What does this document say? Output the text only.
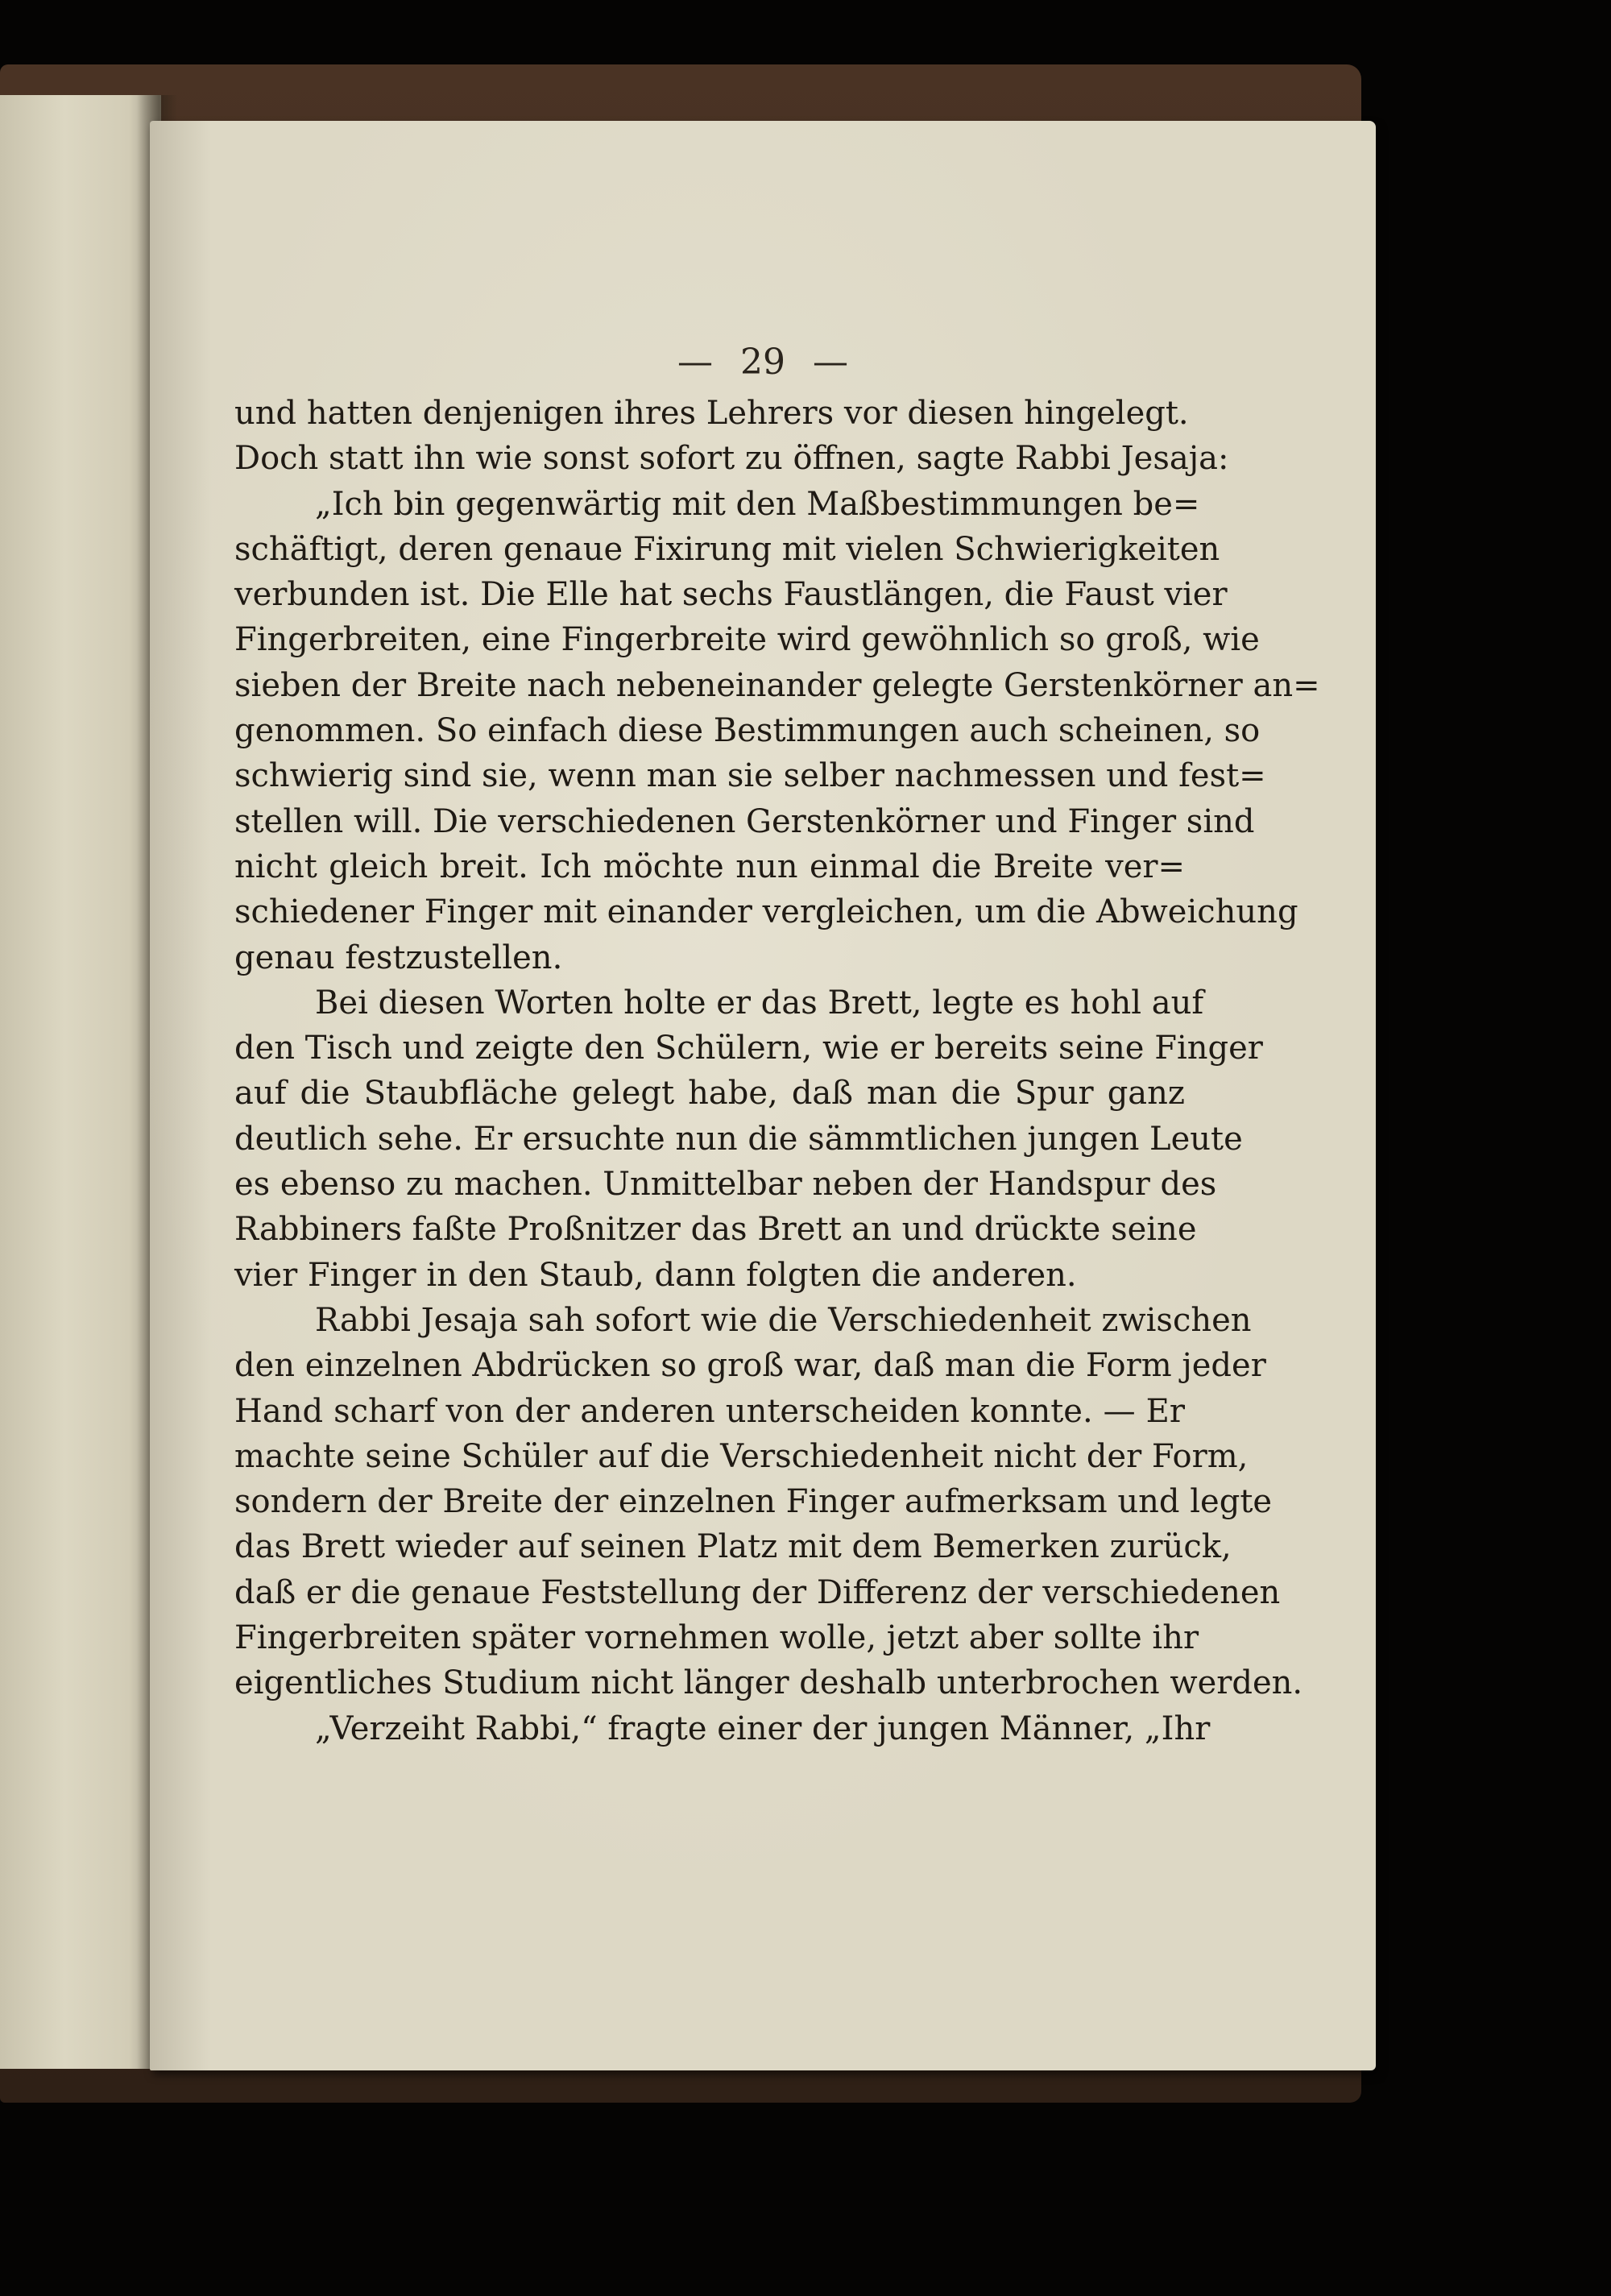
— 29 —

und hatten denjenigen ihres Lehrers vor diesen hingelegt.
Doch statt ihn wie sonst sofort zu öffnen, sagte Rabbi Jesaja:
„Ich bin gegenwärtig mit den Maßbestimmungen be=
schäftigt, deren genaue Fixirung mit vielen Schwierigkeiten
verbunden ist. Die Elle hat sechs Faustlängen, die Faust vier
Fingerbreiten, eine Fingerbreite wird gewöhnlich so groß, wie
sieben der Breite nach nebeneinander gelegte Gerstenkörner an=
genommen. So einfach diese Bestimmungen auch scheinen, so
schwierig sind sie, wenn man sie selber nachmessen und fest=
stellen will. Die verschiedenen Gerstenkörner und Finger sind
nicht gleich breit. Ich möchte nun einmal die Breite ver=
schiedener Finger mit einander vergleichen, um die Abweichung
genau festzustellen.
Bei diesen Worten holte er das Brett, legte es hohl auf
den Tisch und zeigte den Schülern, wie er bereits seine Finger
auf die Staubfläche gelegt habe, daß man die Spur ganz
deutlich sehe. Er ersuchte nun die sämmtlichen jungen Leute
es ebenso zu machen. Unmittelbar neben der Handspur des
Rabbiners faßte Proßnitzer das Brett an und drückte seine
vier Finger in den Staub, dann folgten die anderen.
Rabbi Jesaja sah sofort wie die Verschiedenheit zwischen
den einzelnen Abdrücken so groß war, daß man die Form jeder
Hand scharf von der anderen unterscheiden konnte. — Er
machte seine Schüler auf die Verschiedenheit nicht der Form,
sondern der Breite der einzelnen Finger aufmerksam und legte
das Brett wieder auf seinen Platz mit dem Bemerken zurück,
daß er die genaue Feststellung der Differenz der verschiedenen
Fingerbreiten später vornehmen wolle, jetzt aber sollte ihr
eigentliches Studium nicht länger deshalb unterbrochen werden.
„Verzeiht Rabbi,“ fragte einer der jungen Männer, „Ihr
